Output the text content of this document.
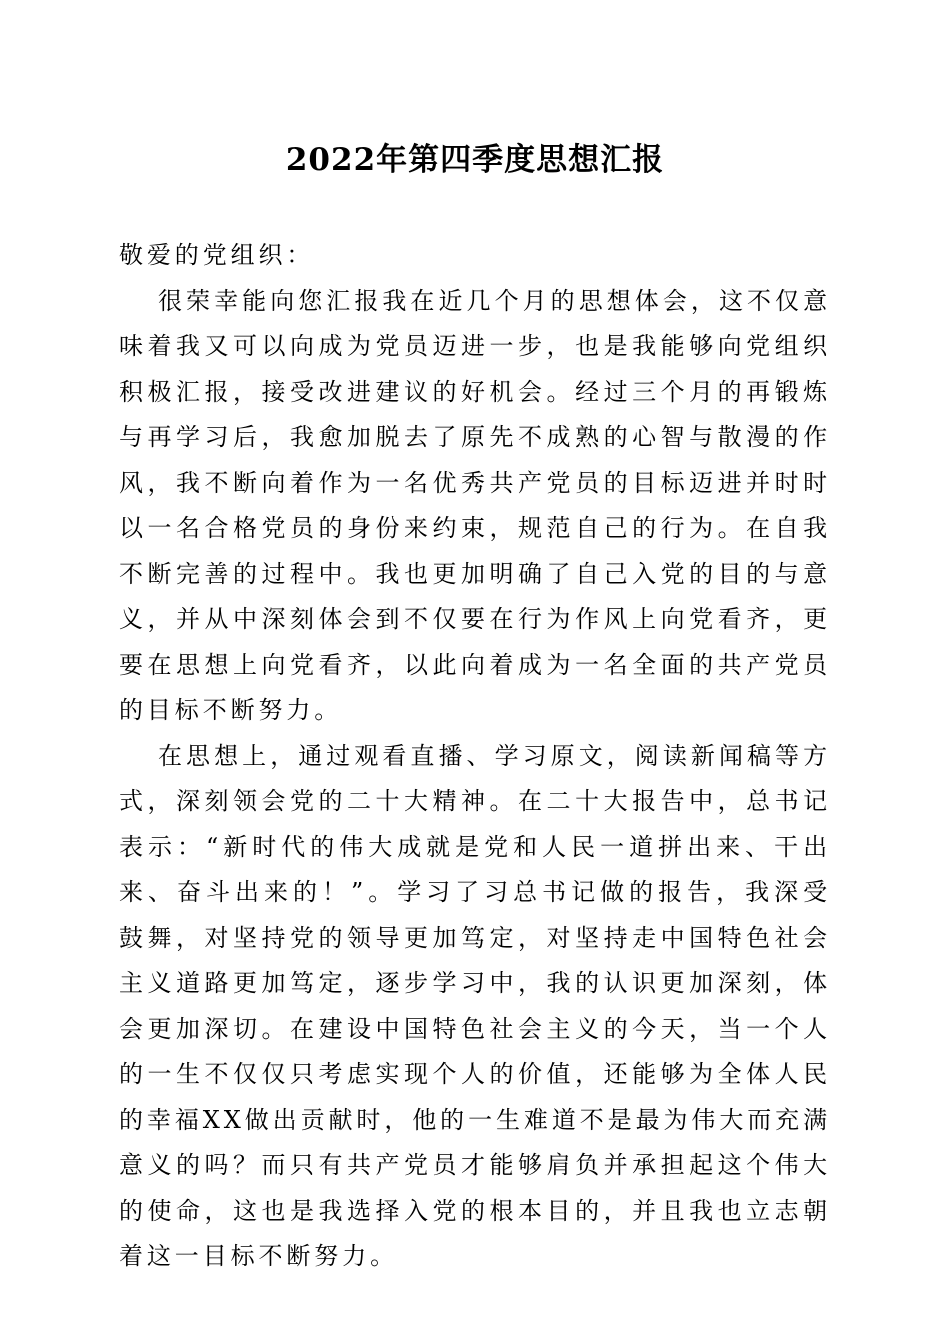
2022年第四季度思想汇报

敬爱的党组织：

很荣幸能向您汇报我在近几个月的思想体会，这不仅意味着我又可以向成为党员迈进一步，也是我能够向党组织积极汇报，接受改进建议的好机会。经过三个月的再锻炼与再学习后，我愈加脱去了原先不成熟的心智与散漫的作风，我不断向着作为一名优秀共产党员的目标迈进并时时以一名合格党员的身份来约束，规范自己的行为。在自我不断完善的过程中。我也更加明确了自己入党的目的与意义，并从中深刻体会到不仅要在行为作风上向党看齐，更要在思想上向党看齐，以此向着成为一名全面的共产党员的目标不断努力。

在思想上，通过观看直播、学习原文，阅读新闻稿等方式，深刻领会党的二十大精神。在二十大报告中，总书记表示：“新时代的伟大成就是党和人民一道拼出来、干出来、奋斗出来的！”。学习了习总书记做的报告，我深受鼓舞，对坚持党的领导更加笃定，对坚持走中国特色社会主义道路更加笃定，逐步学习中，我的认识更加深刻，体会更加深切。在建设中国特色社会主义的今天，当一个人的一生不仅仅只考虑实现个人的价值，还能够为全体人民的幸福XX做出贡献时，他的一生难道不是最为伟大而充满意义的吗？而只有共产党员才能够肩负并承担起这个伟大的使命，这也是我选择入党的根本目的，并且我也立志朝着这一目标不断努力。
